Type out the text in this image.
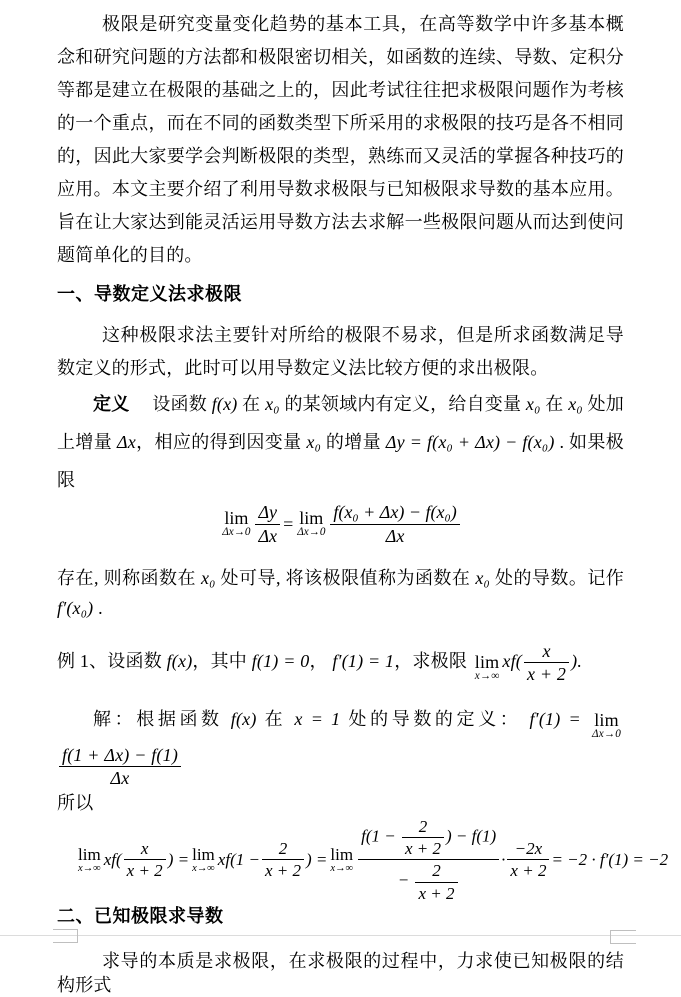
极限是研究变量变化趋势的基本工具，在高等数学中许多基本概念和研究问题的方法都和极限密切相关，如函数的连续、导数、定积分等都是建立在极限的基础之上的，因此考试往往把求极限问题作为考核的一个重点，而在不同的函数类型下所采用的求极限的技巧是各不相同的，因此大家要学会判断极限的类型，熟练而又灵活的掌握各种技巧的应用。本文主要介绍了利用导数求极限与已知极限求导数的基本应用。旨在让大家达到能灵活运用导数方法去求解一些极限问题从而达到使问题简单化的目的。

一、导数定义法求极限

这种极限求法主要针对所给的极限不易求，但是所求函数满足导数定义的形式，此时可以用导数定义法比较方便的求出极限。

定义　 设函数 f(x) 在 x₀ 的某领域内有定义，给自变量 x₀ 在 x₀ 处加上增量 Δx，相应的得到因变量 x₀ 的增量 Δy = f(x₀ + Δx) − f(x₀) . 如果极限

lim
$\Delta x\to 0 \frac{\Delta y}{\Delta x} = \lim$
$\Delta x\to 0 \frac{\text{f(x₀ + Δx) − f(x₀)}}{\Delta x}$

存在, 则称函数在 x₀ 处可导, 将该极限值称为函数在 x₀ 处的导数。记作 f′(x₀) .

例 1、设函数 f(x)，其中 f(1) = 0， f′(1) = 1，求极限 lim
x→∞
$xf( \frac{x}{x + 2}$ ).

解：根据函数 f(x) 在 x = 1 处的导数的定义： f′(1) = lim
Δx→0
$\frac{f(1 + \Delta x) - f(1)}{\Delta x}$

所以

lim
x→∞ $xf( \frac{x}{x + 2}$ ) = lim
x→∞ $xf(1 - \frac{2}{x + 2}$ ) = lim
$x\to\infty \frac{f(1 - \frac{2}{x + 2} ) - f(1)}{- \frac{2}{x + 2}} \cdot \frac{-2x}{x + 2} = -2 \cdot f'(1) = -2$
二、已知极限求导数

求导的本质是求极限，在求极限的过程中，力求使已知极限的结构形式
